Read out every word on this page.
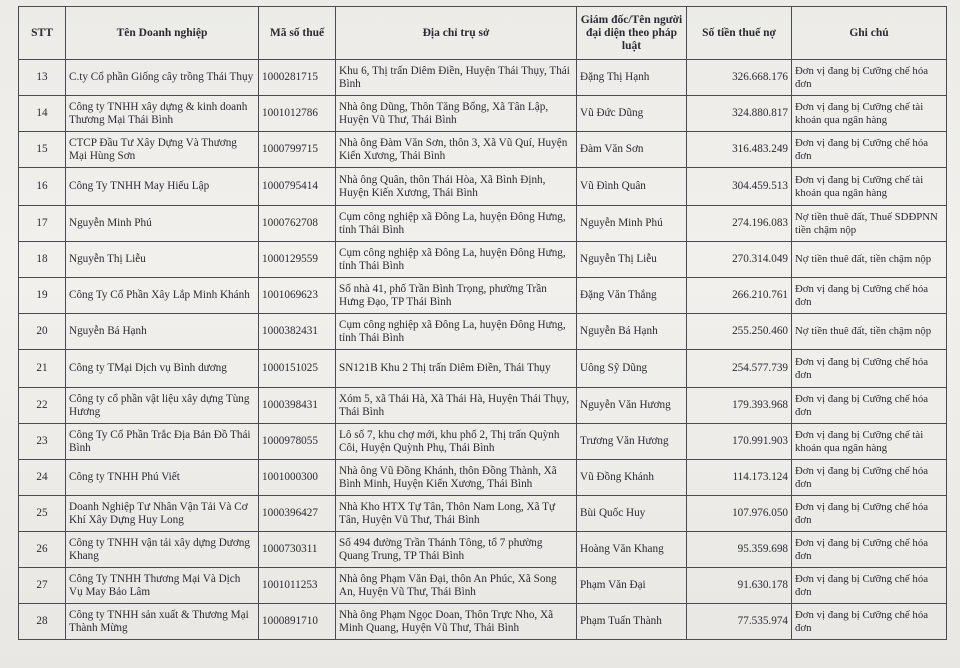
STT	Tên Doanh nghiệp	Mã số thuế	Địa chỉ trụ sở	Giám đốc/Tên người đại diện theo pháp luật	Số tiền thuế nợ	Ghi chú
13	C.ty Cổ phần Giống cây trồng Thái Thụy	1000281715	Khu 6, Thị trấn Diêm Điền, Huyện Thái Thụy, Thái Bình	Đặng Thị Hạnh	326.668.176	Đơn vị đang bị Cưỡng chế hóa đơn
14	Công ty TNHH xây dựng & kinh doanh Thương Mại Thái Bình	1001012786	Nhà ông Dũng, Thôn Tăng Bổng, Xã Tân Lập, Huyện Vũ Thư, Thái Bình	Vũ Đức Dũng	324.880.817	Đơn vị đang bị Cưỡng chế tài khoản qua ngân hàng
15	CTCP Đầu Tư Xây Dựng Và Thương Mại Hùng Sơn	1000799715	Nhà ông Đàm Văn Sơn, thôn 3, Xã Vũ Quí, Huyện Kiến Xương, Thái Bình	Đàm Văn Sơn	316.483.249	Đơn vị đang bị Cưỡng chế hóa đơn
16	Công Ty TNHH May Hiếu Lập	1000795414	Nhà ông Quân, thôn Thái Hòa, Xã Bình Định, Huyện Kiến Xương, Thái Bình	Vũ Đình Quân	304.459.513	Đơn vị đang bị Cưỡng chế tài khoản qua ngân hàng
17	Nguyễn Minh Phú	1000762708	Cụm công nghiệp xã Đông La, huyện Đông Hưng, tỉnh Thái Bình	Nguyễn Minh Phú	274.196.083	Nợ tiền thuê đất, Thuế SDĐPNN tiền chậm nộp
18	Nguyễn Thị Liễu	1000129559	Cụm công nghiệp xã Đông La, huyện Đông Hưng, tỉnh Thái Bình	Nguyễn Thị Liễu	270.314.049	Nợ tiền thuê đất, tiền chậm nộp
19	Công Ty Cổ Phần Xây Lắp Minh Khánh	1001069623	Số nhà 41, phố Trần Bình Trọng, phường Trần Hưng Đạo, TP Thái Bình	Đặng Văn Thắng	266.210.761	Đơn vị đang bị Cưỡng chế hóa đơn
20	Nguyễn Bá Hạnh	1000382431	Cụm công nghiệp xã Đông La, huyện Đông Hưng, tỉnh Thái Bình	Nguyễn Bá Hạnh	255.250.460	Nợ tiền thuê đất, tiền chậm nộp
21	Công ty TMại Dịch vụ Bình dương	1000151025	SN121B Khu 2 Thị trấn Diêm Điền, Thái Thụy	Uông Sỹ Dũng	254.577.739	Đơn vị đang bị Cưỡng chế hóa đơn
22	Công ty cổ phần vật liệu xây dựng Tùng Hương	1000398431	Xóm 5, xã Thái Hà, Xã Thái Hà, Huyện Thái Thụy, Thái Bình	Nguyễn Văn Hương	179.393.968	Đơn vị đang bị Cưỡng chế hóa đơn
23	Công Ty Cổ Phần Trắc Địa Bản Đồ Thái Bình	1000978055	Lô số 7, khu chợ mới, khu phố 2, Thị trấn Quỳnh Côi, Huyện Quỳnh Phụ, Thái Bình	Trương Văn Hương	170.991.903	Đơn vị đang bị Cưỡng chế tài khoản qua ngân hàng
24	Công ty TNHH Phú Viết	1001000300	Nhà ông Vũ Đồng Khánh, thôn Đồng Thành, Xã Bình Minh, Huyện Kiến Xương, Thái Bình	Vũ Đồng Khánh	114.173.124	Đơn vị đang bị Cưỡng chế hóa đơn
25	Doanh Nghiệp Tư Nhân Vận Tải Và Cơ Khí Xây Dựng Huy Long	1000396427	Nhà Kho HTX Tự Tân, Thôn Nam Long, Xã Tự Tân, Huyện Vũ Thư, Thái Bình	Bùi Quốc Huy	107.976.050	Đơn vị đang bị Cưỡng chế hóa đơn
26	Công ty TNHH vận tải xây dựng Dương Khang	1000730311	Số 494 đường Trần Thánh Tông, tổ 7 phường Quang Trung, TP Thái Bình	Hoàng Văn Khang	95.359.698	Đơn vị đang bị Cưỡng chế hóa đơn
27	Công Ty TNHH Thương Mại Và Dịch Vụ May Bảo Lâm	1001011253	Nhà ông Phạm Văn Đại, thôn An Phúc, Xã Song An, Huyện Vũ Thư, Thái Bình	Phạm Văn Đại	91.630.178	Đơn vị đang bị Cưỡng chế hóa đơn
28	Công ty TNHH sản xuất & Thương Mại Thành Mừng	1000891710	Nhà ông Phạm Ngọc Doan, Thôn Trực Nho, Xã Minh Quang, Huyện Vũ Thư, Thái Bình	Phạm Tuấn Thành	77.535.974	Đơn vị đang bị Cưỡng chế hóa đơn
